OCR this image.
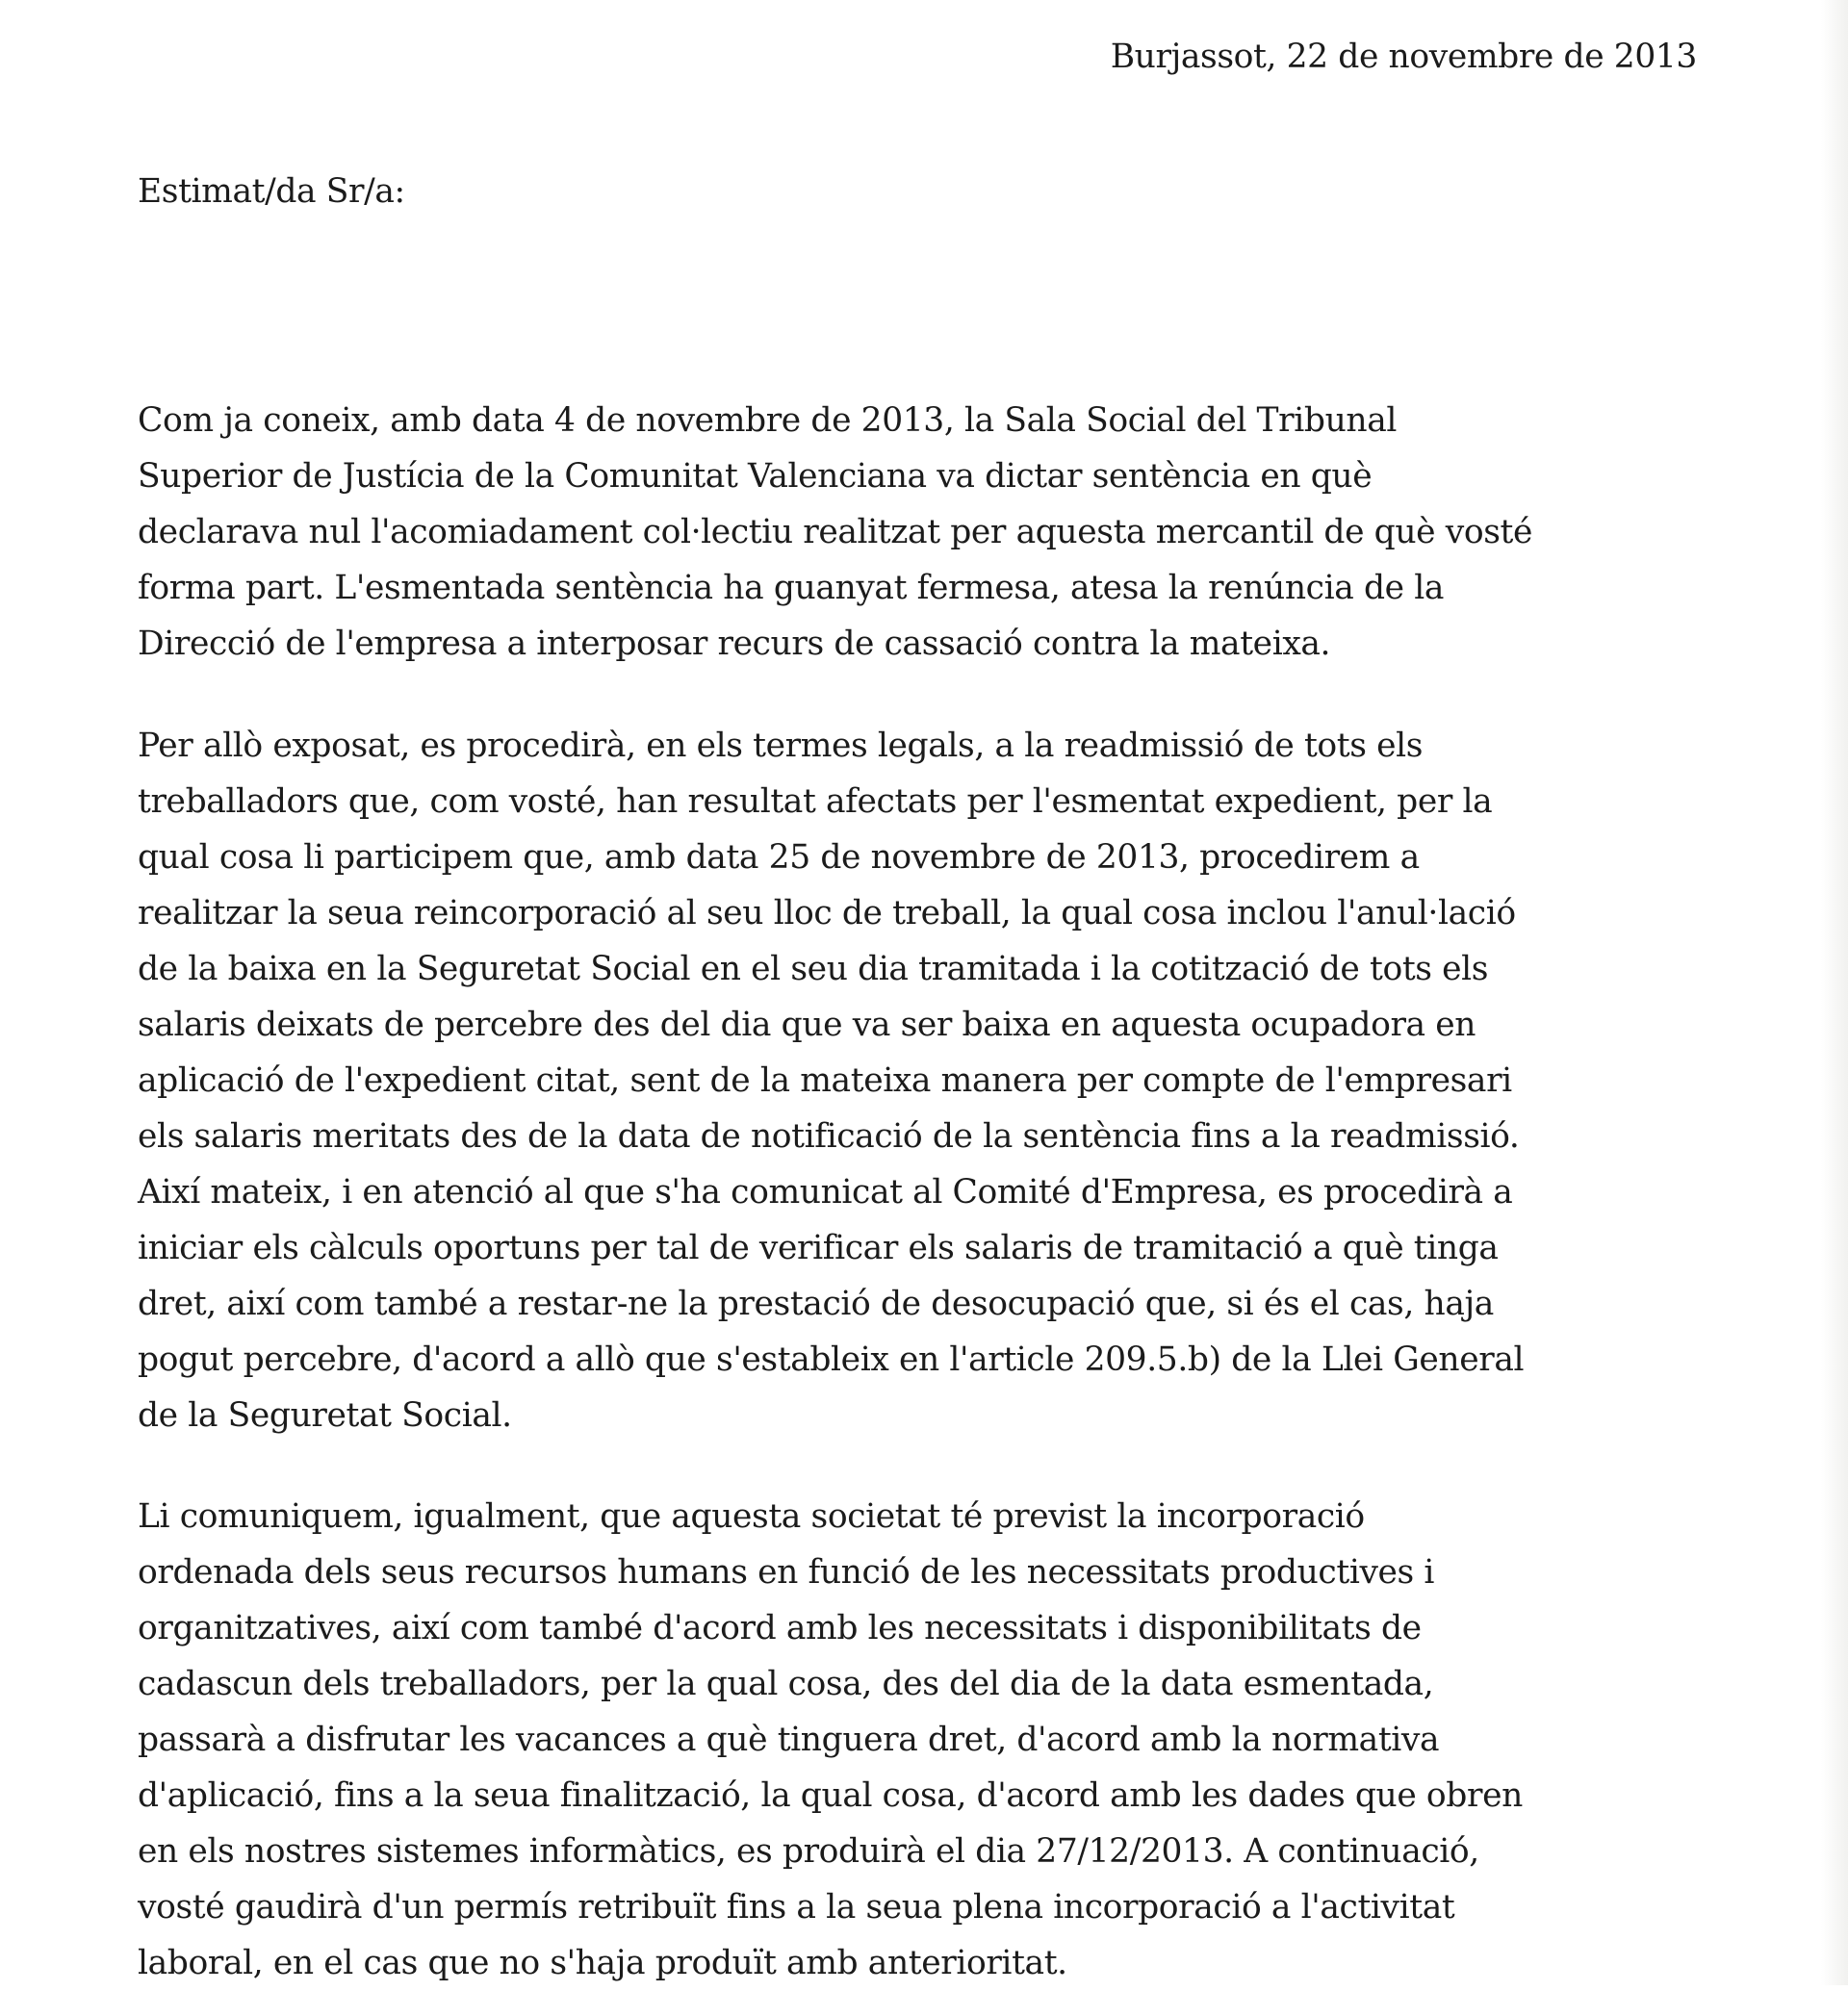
Burjassot, 22 de novembre de 2013

Estimat/da Sr/a:

Com ja coneix, amb data 4 de novembre de 2013, la Sala Social del Tribunal
Superior de Justícia de la Comunitat Valenciana va dictar sentència en què
declarava nul l'acomiadament col·lectiu realitzat per aquesta mercantil de què vosté
forma part. L'esmentada sentència ha guanyat fermesa, atesa la renúncia de la
Direcció de l'empresa a interposar recurs de cassació contra la mateixa.

Per allò exposat, es procedirà, en els termes legals, a la readmissió de tots els
treballadors que, com vosté, han resultat afectats per l'esmentat expedient, per la
qual cosa li participem que, amb data 25 de novembre de 2013, procedirem a
realitzar la seua reincorporació al seu lloc de treball, la qual cosa inclou l'anul·lació
de la baixa en la Seguretat Social en el seu dia tramitada i la cotització de tots els
salaris deixats de percebre des del dia que va ser baixa en aquesta ocupadora en
aplicació de l'expedient citat, sent de la mateixa manera per compte de l'empresari
els salaris meritats des de la data de notificació de la sentència fins a la readmissió.
Així mateix, i en atenció al que s'ha comunicat al Comité d'Empresa, es procedirà a
iniciar els càlculs oportuns per tal de verificar els salaris de tramitació a què tinga
dret, així com també a restar-ne la prestació de desocupació que, si és el cas, haja
pogut percebre, d'acord a allò que s'estableix en l'article 209.5.b) de la Llei General
de la Seguretat Social.

Li comuniquem, igualment, que aquesta societat té previst la incorporació
ordenada dels seus recursos humans en funció de les necessitats productives i
organitzatives, així com també d'acord amb les necessitats i disponibilitats de
cadascun dels treballadors, per la qual cosa, des del dia de la data esmentada,
passarà a disfrutar les vacances a què tinguera dret, d'acord amb la normativa
d'aplicació, fins a la seua finalització, la qual cosa, d'acord amb les dades que obren
en els nostres sistemes informàtics, es produirà el dia 27/12/2013. A continuació,
vosté gaudirà d'un permís retribuït fins a la seua plena incorporació a l'activitat
laboral, en el cas que no s'haja produït amb anterioritat.
